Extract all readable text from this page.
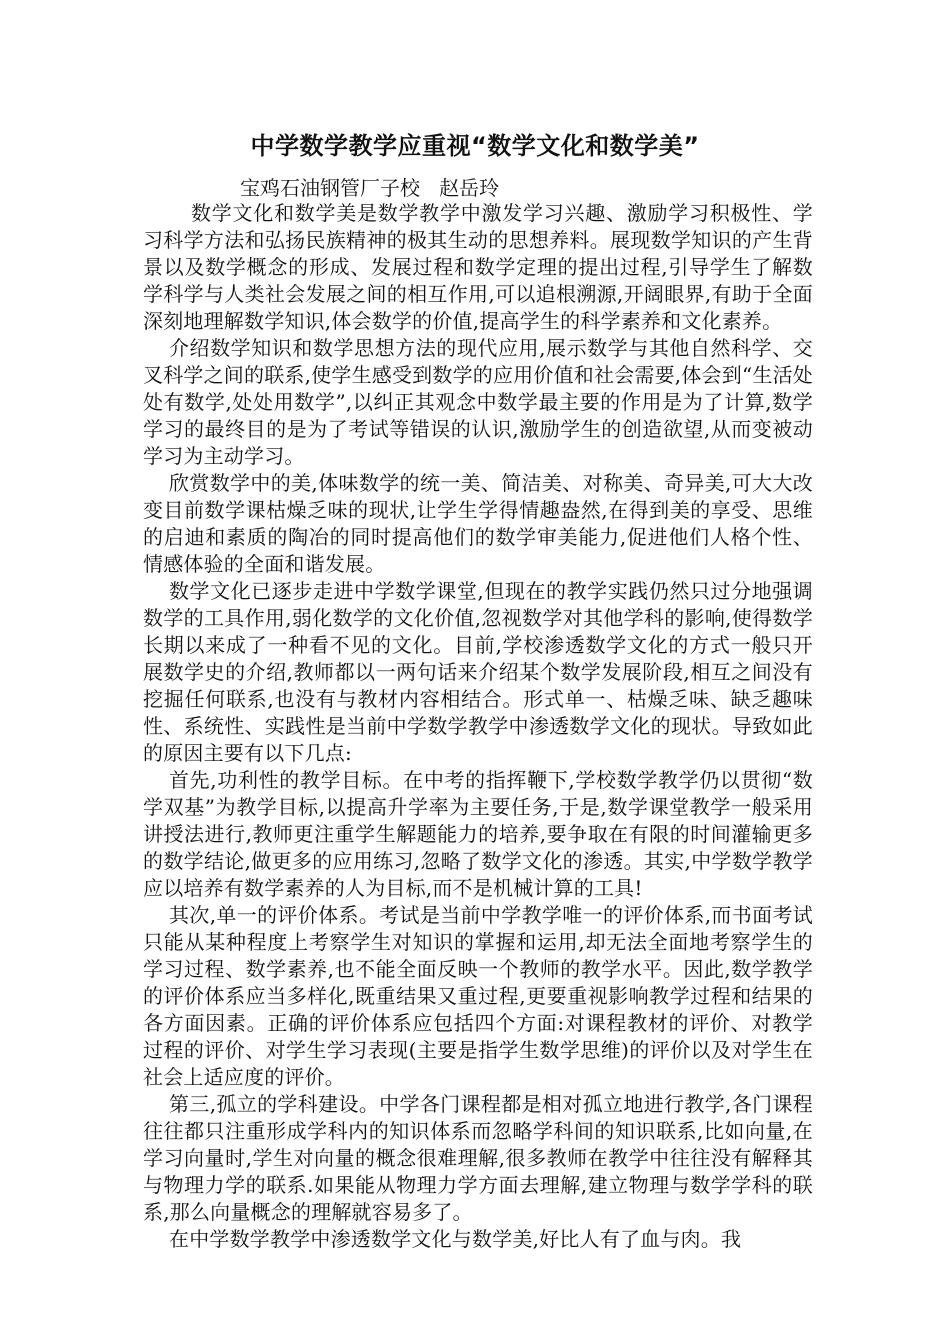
中学数学教学应重视“数学文化和数学美”
宝鸡石油钢管厂子校   赵岳玲

数学文化和数学美是数学教学中激发学习兴趣、激励学习积极性、学习科学方法和弘扬民族精神的极其生动的思想养料。展现数学知识的产生背景以及数学概念的形成、发展过程和数学定理的提出过程,引导学生了解数学科学与人类社会发展之间的相互作用,可以追根溯源,开阔眼界,有助于全面深刻地理解数学知识,体会数学的价值,提高学生的科学素养和文化素养。

介绍数学知识和数学思想方法的现代应用,展示数学与其他自然科学、交叉科学之间的联系,使学生感受到数学的应用价值和社会需要,体会到“生活处处有数学,处处用数学”,以纠正其观念中数学最主要的作用是为了计算,数学学习的最终目的是为了考试等错误的认识,激励学生的创造欲望,从而变被动学习为主动学习。

欣赏数学中的美,体味数学的统一美、简洁美、对称美、奇异美,可大大改变目前数学课枯燥乏味的现状,让学生学得情趣盎然,在得到美的享受、思维的启迪和素质的陶冶的同时提高他们的数学审美能力,促进他们人格个性、情感体验的全面和谐发展。

数学文化已逐步走进中学数学课堂,但现在的教学实践仍然只过分地强调数学的工具作用,弱化数学的文化价值,忽视数学对其他学科的影响,使得数学长期以来成了一种看不见的文化。目前,学校渗透数学文化的方式一般只开展数学史的介绍,教师都以一两句话来介绍某个数学发展阶段,相互之间没有挖掘任何联系,也没有与教材内容相结合。形式单一、枯燥乏味、缺乏趣味性、系统性、实践性是当前中学数学教学中渗透数学文化的现状。导致如此的原因主要有以下几点:

首先,功利性的教学目标。在中考的指挥鞭下,学校数学教学仍以贯彻“数学双基”为教学目标,以提高升学率为主要任务,于是,数学课堂教学一般采用讲授法进行,教师更注重学生解题能力的培养,要争取在有限的时间灌输更多的数学结论,做更多的应用练习,忽略了数学文化的渗透。其实,中学数学教学应以培养有数学素养的人为目标,而不是机械计算的工具!

其次,单一的评价体系。考试是当前中学教学唯一的评价体系,而书面考试只能从某种程度上考察学生对知识的掌握和运用,却无法全面地考察学生的学习过程、数学素养,也不能全面反映一个教师的教学水平。因此,数学教学的评价体系应当多样化,既重结果又重过程,更要重视影响教学过程和结果的各方面因素。正确的评价体系应包括四个方面:对课程教材的评价、对教学过程的评价、对学生学习表现(主要是指学生数学思维)的评价以及对学生在社会上适应度的评价。

第三,孤立的学科建设。中学各门课程都是相对孤立地进行教学,各门课程往往都只注重形成学科内的知识体系而忽略学科间的知识联系,比如向量,在学习向量时,学生对向量的概念很难理解,很多教师在教学中往往没有解释其与物理力学的联系.如果能从物理力学方面去理解,建立物理与数学学科的联系,那么向量概念的理解就容易多了。

在中学数学教学中渗透数学文化与数学美,好比人有了血与肉。我
